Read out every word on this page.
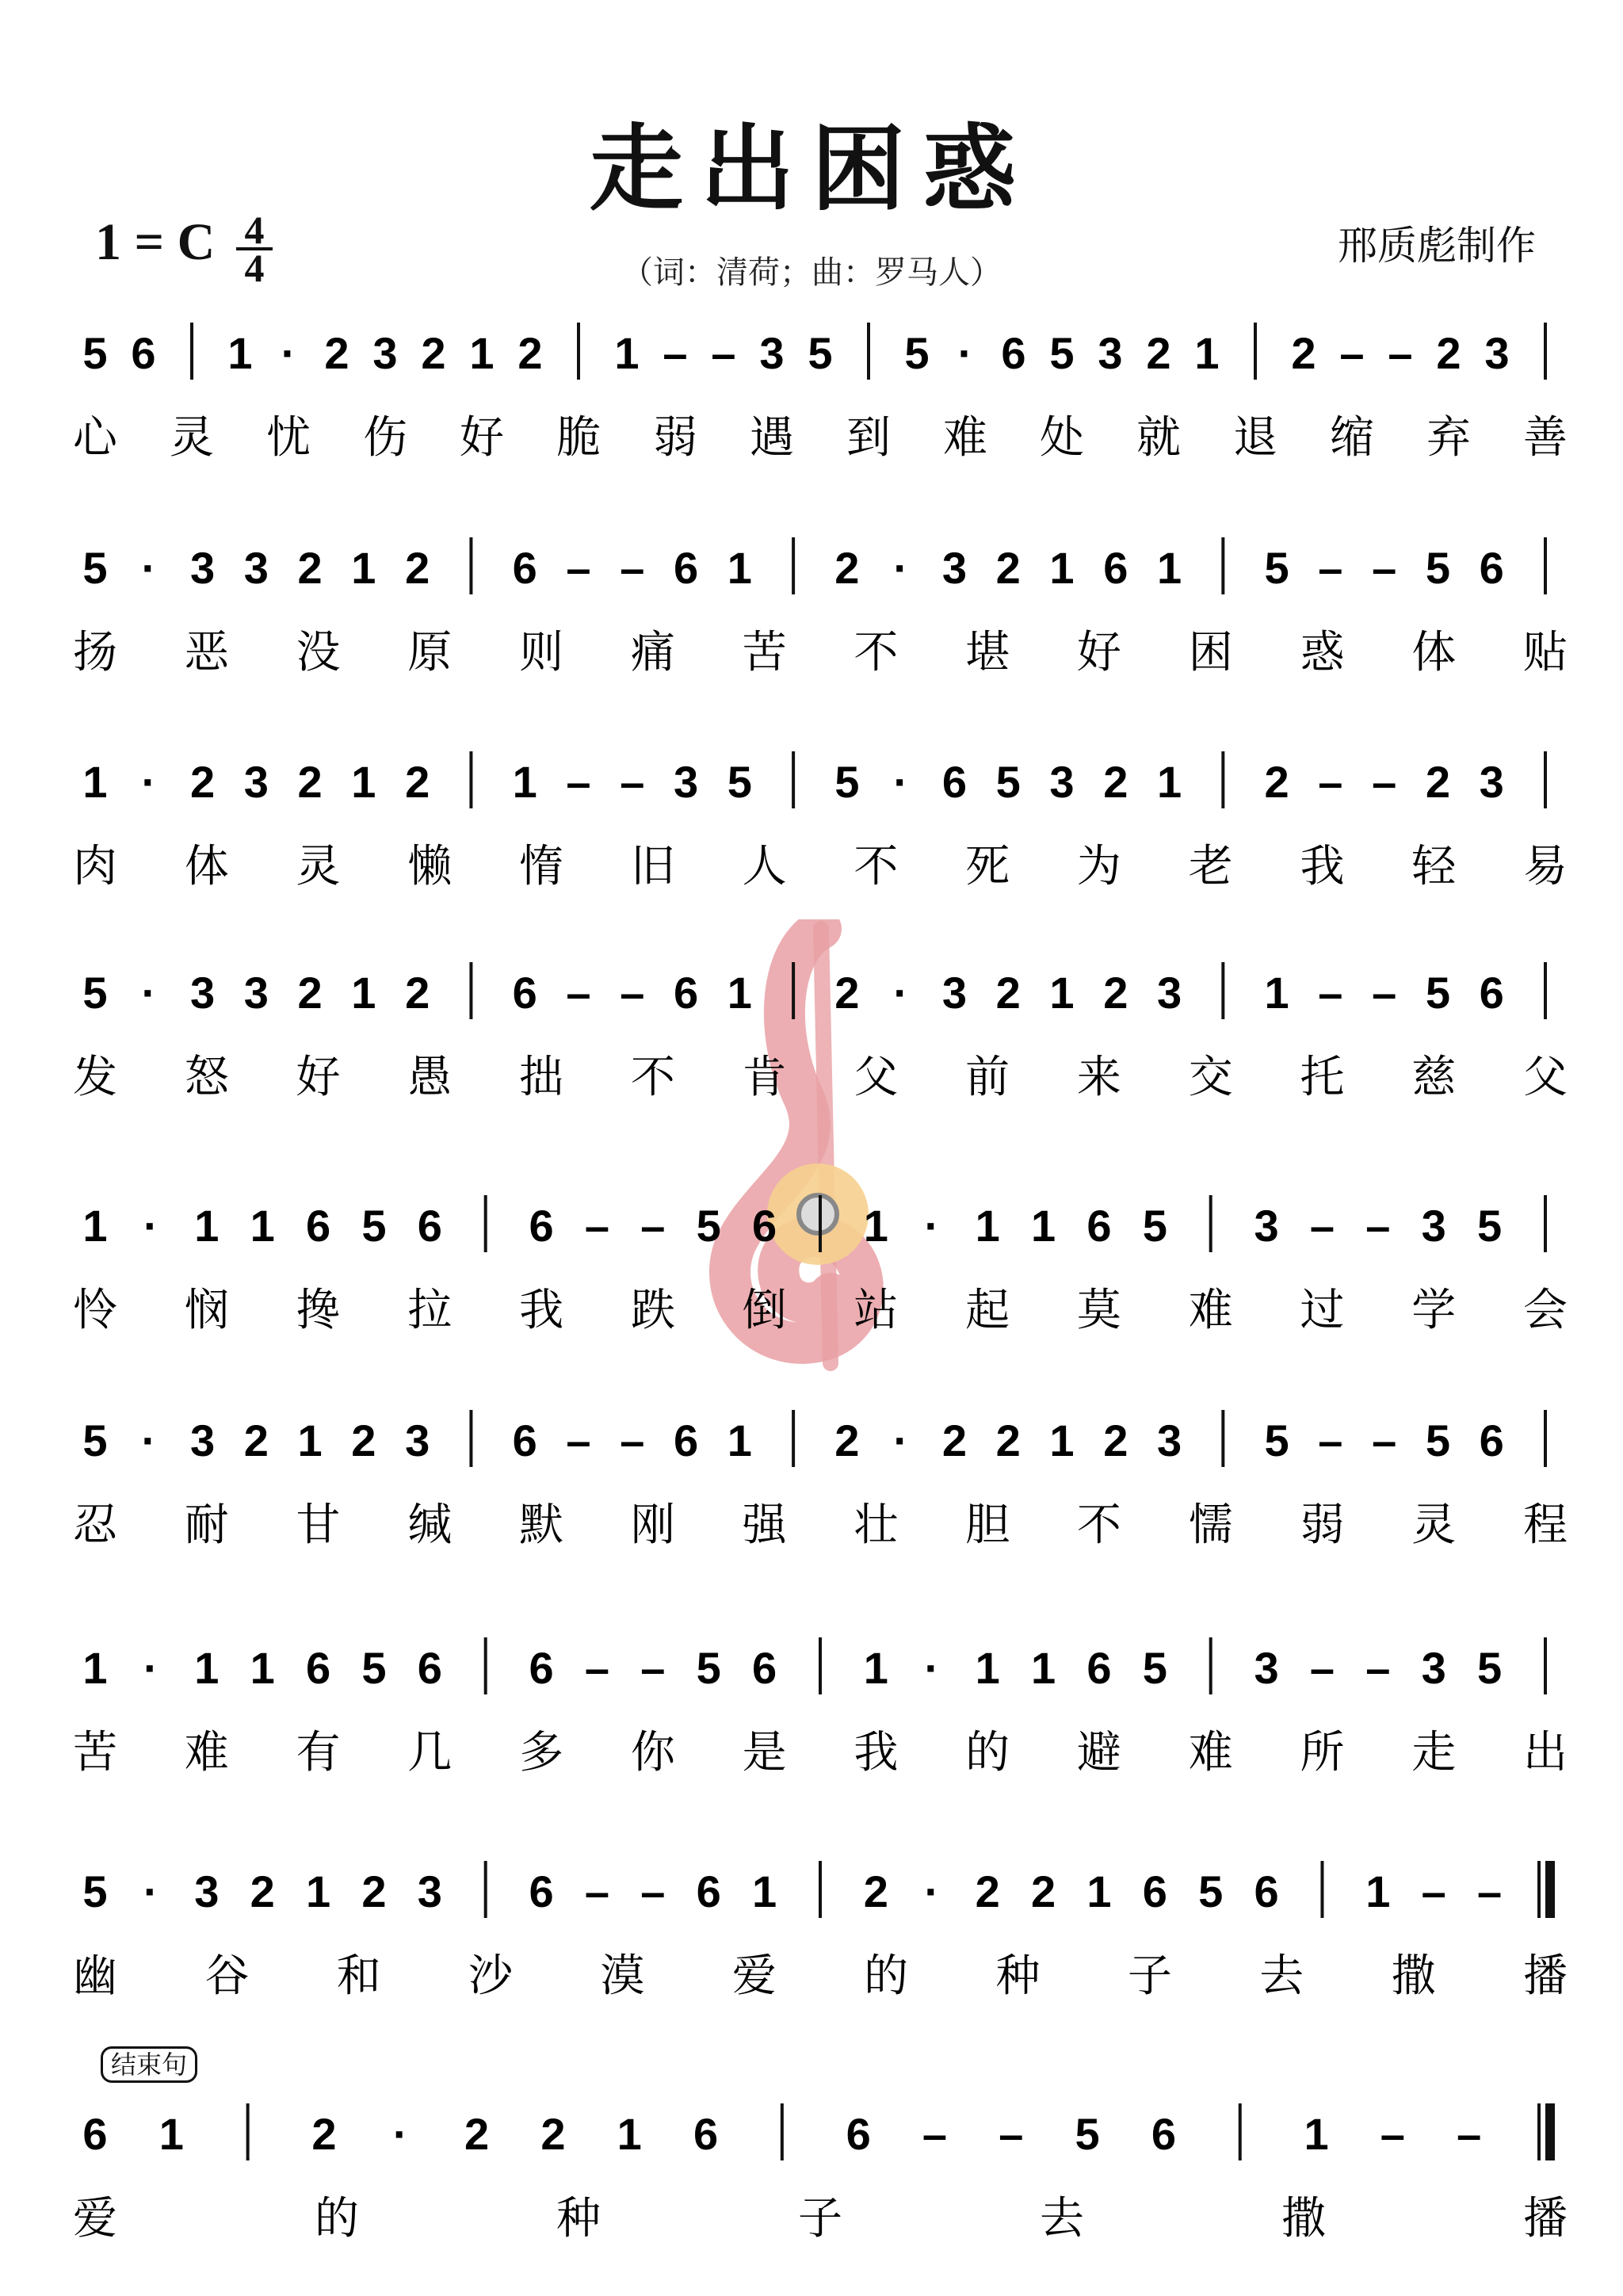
走出困惑
1 = C 4
4	（词：清荷；曲：罗马人）
邢质彪制作
结束句
5 6 1 · 2 3 2 1 2 1 – – 3 5 5 · 6 5 3 2 1 2 – – 2 3
心 灵 忧 伤 好 脆 弱 遇 到 难 处 就 退 缩 弃 善
5 · 3 3 2 1 2 6 – – 6 1 2 · 3 2 1 6 1 5 – – 5 6
扬 恶 没 原 则 痛 苦 不 堪 好 困 惑 体 贴
1 · 2 3 2 1 2 1 – – 3 5 5 · 6 5 3 2 1 2 – – 2 3
肉 体 灵 懒 惰 旧 人 不 死 为 老 我 轻 易
5 · 3 3 2 1 2 6 – – 6 1 2 · 3 2 1 2 3 1 – – 5 6
发 怒 好 愚 拙 不 肯 父 前 来 交 托 慈 父
1 · 1 1 6 5 6 6 – – 5 6 1 · 1 1 6 5 3 – – 3 5
怜 悯 搀 拉 我 跌 倒 站 起 莫 难 过 学 会
5 · 3 2 1 2 3 6 – – 6 1 2 · 2 2 1 2 3 5 – – 5 6
忍 耐 甘 缄 默 刚 强 壮 胆 不 懦 弱 灵 程
1 · 1 1 6 5 6 6 – – 5 6 1 · 1 1 6 5 3 – – 3 5
苦 难 有 几 多 你 是 我 的 避 难 所 走 出
5 · 3 2 1 2 3 6 – – 6 1 2 · 2 2 1 6 5 6 1 – –
幽 谷 和 沙 漠 爱 的 种 子 去 撒 播
6 1	2 · 2 2 1 6	6 – – 5 6	1 – –
爱	的	种	子	去	撒	播
